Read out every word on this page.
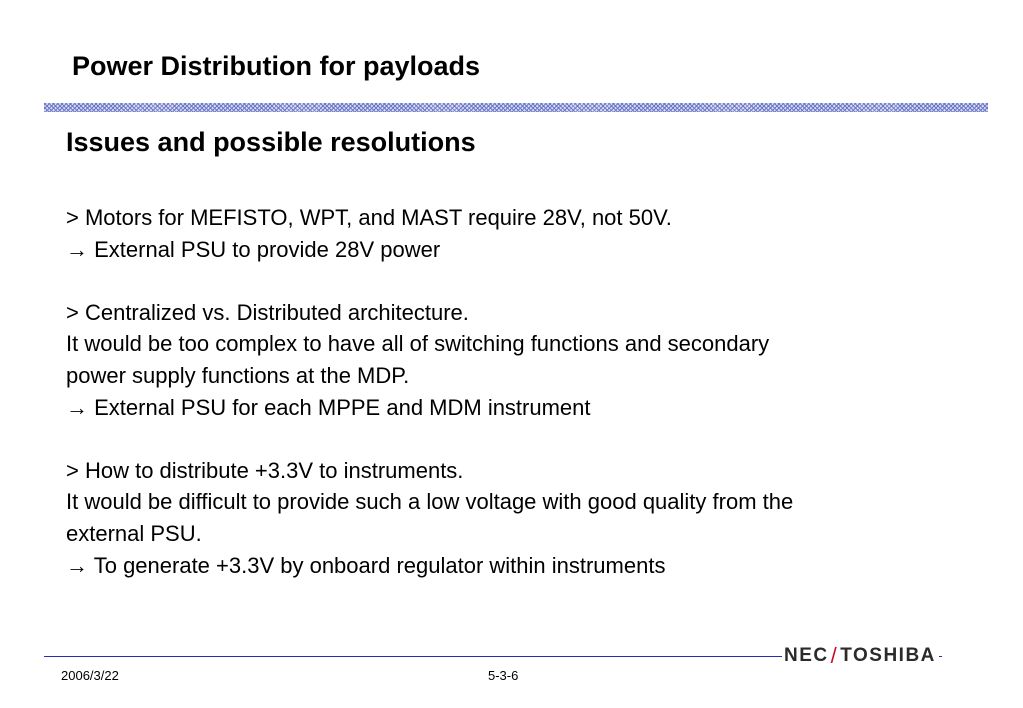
Power Distribution for payloads
Issues and possible resolutions
> Motors for MEFISTO, WPT, and MAST require 28V, not 50V.
→ External PSU to provide 28V power
> Centralized vs. Distributed architecture.
It would be too complex to have all of switching functions and secondary
power supply functions at the MDP.
→ External PSU for each MPPE and MDM instrument
> How to distribute +3.3V to instruments.
It would be difficult to provide such a low voltage with good quality from the
external PSU.
→ To generate +3.3V by onboard regulator within instruments
NEC / TOSHIBA
2006/3/22	5-3-6
